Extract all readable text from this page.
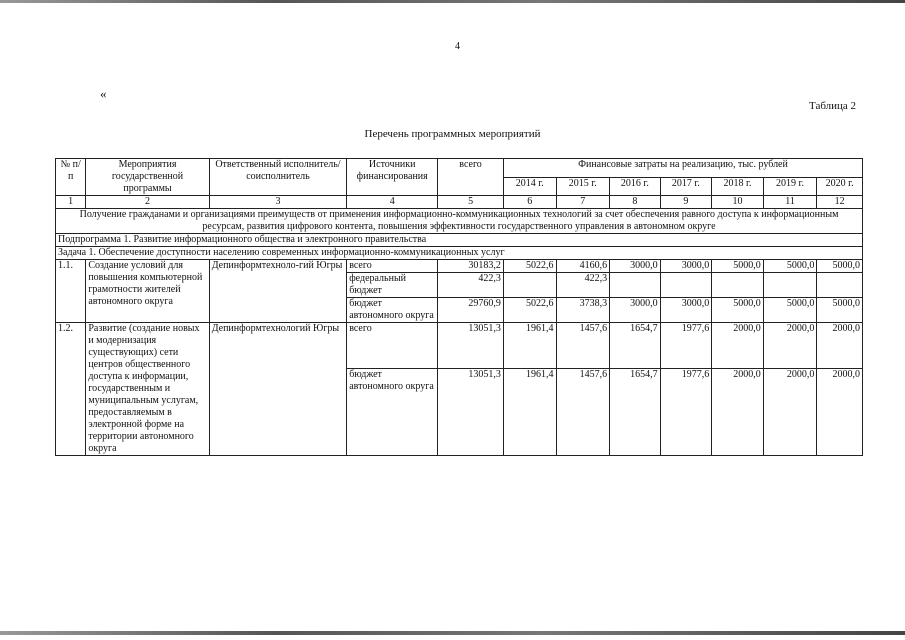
4
«
Таблица 2
Перечень программных мероприятий
№ п/п	Мероприятия государственной программы	Ответственный исполнитель/соисполнитель	Источники финансирования	всего	Финансовые затраты на реализацию, тыс. рублей						
					2014 г.	2015 г.	2016 г.	2017 г.	2018 г.	2019 г.	2020 г.
1	2	3	4	5	6	7	8	9	10	11	12
Получение гражданами и организациями преимуществ от применения информационно-коммуникационных технологий за счет обеспечения равного доступа к информационным ресурсам, развития цифрового контента, повышения эффективности государственного управления в автономном округе											
Подпрограмма 1. Развитие информационного общества и электронного правительства											
Задача 1. Обеспечение доступности населению современных информационно-коммуникационных услуг											
1.1.	Создание условий для повышения компьютерной грамотности жителей автономного округа	Депинформтехноло-гий Югры	всего	30183,2	5022,6	4160,6	3000,0	3000,0	5000,0	5000,0	5000,0
			федеральный бюджет	422,3		422,3					
			бюджет автономного округа	29760,9	5022,6	3738,3	3000,0	3000,0	5000,0	5000,0	5000,0
1.2.	Развитие (создание новых и модернизация существующих) сети центров общественного доступа к информации, государственным и муниципальным услугам, предоставляемым в электронной форме на территории автономного округа	Депинформтехнологий Югры	всего	13051,3	1961,4	1457,6	1654,7	1977,6	2000,0	2000,0	2000,0
			бюджет автономного округа	13051,3	1961,4	1457,6	1654,7	1977,6	2000,0	2000,0	2000,0
